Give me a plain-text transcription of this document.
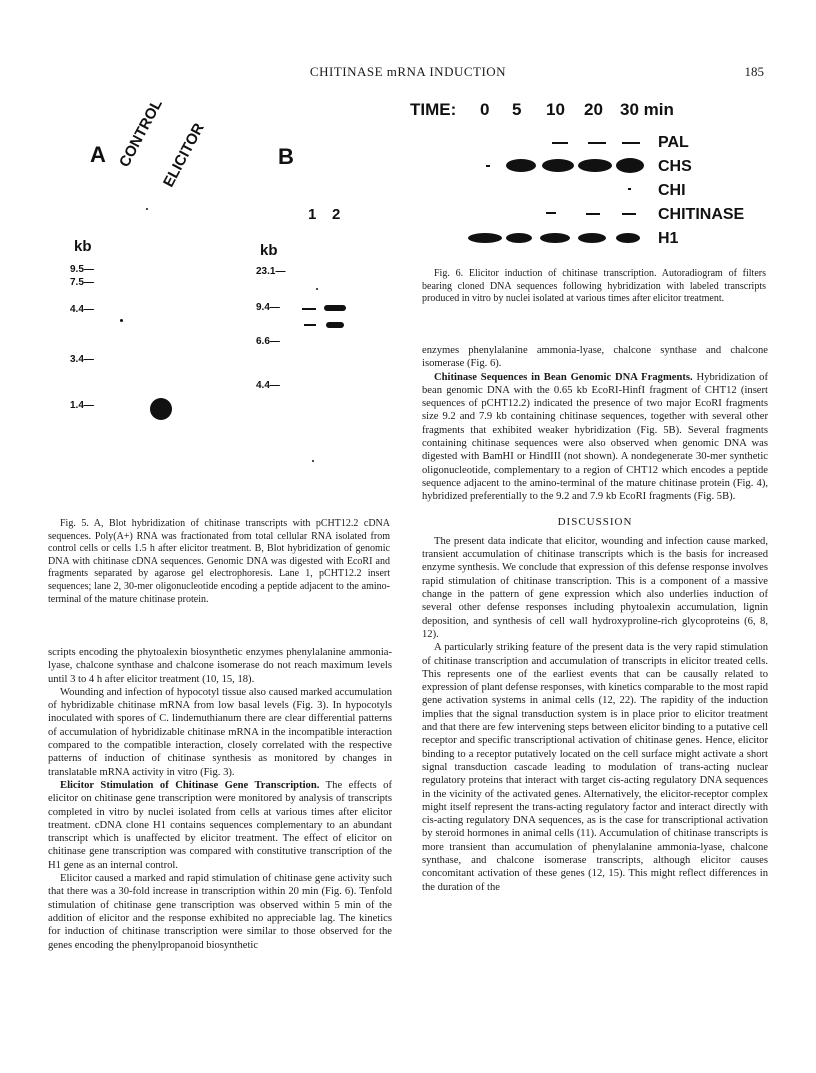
CHITINASE mRNA INDUCTION	185
A CONTROL
ELICITOR
kb
9.5—
7.5—
4.4—
3.4—
1.4—
B
1 2
kb
23.1—
9.4—
6.6—
4.4—

Fig. 5. A, Blot hybridization of chitinase transcripts with pCHT12.2 cDNA sequences. Poly(A+) RNA was fractionated from total cellular RNA isolated from control cells or cells 1.5 h after elicitor treatment. B, Blot hybridization of genomic DNA with chitinase cDNA sequences. Genomic DNA was digested with EcoRI and fragments separated by agarose gel electrophoresis. Lane 1, pCHT12.2 insert sequences; lane 2, 30-mer oligonucleotide encoding a peptide adjacent to the amino-terminal of the mature chitinase protein.

TIME: 0 5 10 20 30 min
PAL
CHS
CHI
CHITINASE
H1

Fig. 6. Elicitor induction of chitinase transcription. Autoradiogram of filters bearing cloned DNA sequences following hybridization with labeled transcripts produced in vitro by nuclei isolated at various times after elicitor treatment.

scripts encoding the phytoalexin biosynthetic enzymes phenylalanine ammonia-lyase, chalcone synthase and chalcone isomerase do not reach maximum levels until 3 to 4 h after elicitor treatment (10, 15, 18).

Wounding and infection of hypocotyl tissue also caused marked accumulation of hybridizable chitinase mRNA from low basal levels (Fig. 3). In hypocotyls inoculated with spores of C. lindemuthianum there are clear differential patterns of accumulation of hybridizable chitinase mRNA in the incompatible interaction compared to the compatible interaction, closely correlated with the respective patterns of induction of chitinase synthesis as monitored by changes in translatable mRNA activity in vitro (Fig. 3).

Elicitor Stimulation of Chitinase Gene Transcription. The effects of elicitor on chitinase gene transcription were monitored by analysis of transcripts completed in vitro by nuclei isolated from cells at various times after elicitor treatment. cDNA clone H1 contains sequences complementary to an abundant transcript which is unaffected by elicitor treatment. The effect of elicitor on chitinase gene transcription was compared with constitutive transcription of the H1 gene as an internal control.

Elicitor caused a marked and rapid stimulation of chitinase gene activity such that there was a 30-fold increase in transcription within 20 min (Fig. 6). Tenfold stimulation of chitinase gene transcription was observed within 5 min of the addition of elicitor and the response exhibited no appreciable lag. The kinetics for induction of chitinase transcription were similar to those observed for the genes encoding the phenylpropanoid biosynthetic

enzymes phenylalanine ammonia-lyase, chalcone synthase and chalcone isomerase (Fig. 6).

Chitinase Sequences in Bean Genomic DNA Fragments. Hybridization of bean genomic DNA with the 0.65 kb EcoRI-HinfI fragment of CHT12 (insert sequences of pCHT12.2) indicated the presence of two major EcoRI fragments size 9.2 and 7.9 kb containing chitinase sequences, together with several other fragments that exhibited weaker hybridization (Fig. 5B). Several fragments containing chitinase sequences were also observed when genomic DNA was digested with BamHI or HindIII (not shown). A nondegenerate 30-mer synthetic oligonucleotide, complementary to a region of CHT12 which encodes a peptide sequence adjacent to the amino-terminal of the mature chitinase protein (Fig. 4), hybridized preferentially to the 9.2 and 7.9 kb EcoRI fragments (Fig. 5B).

DISCUSSION

The present data indicate that elicitor, wounding and infection cause marked, transient accumulation of chitinase transcripts which is the basis for increased enzyme synthesis. We conclude that expression of this defense response involves rapid stimulation of chitinase transcription. This is a component of a massive change in the pattern of gene expression which also underlies induction of several other defense responses including phytoalexin accumulation, lignin deposition, and synthesis of cell wall hydroxyproline-rich glycoproteins (6, 8, 12).

A particularly striking feature of the present data is the very rapid stimulation of chitinase transcription and accumulation of transcripts in elicitor treated cells. This represents one of the earliest events that can be causally related to expression of plant defense responses, with kinetics comparable to the most rapid gene activation systems in animal cells (12, 22). The rapidity of the induction implies that the signal transduction system is in place prior to elicitor treatment and that there are few intervening steps between elicitor binding to a putative cell receptor and specific transcriptional activation of chitinase genes. Hence, elicitor binding to a receptor putatively located on the cell surface might activate a short signal transduction cascade leading to modulation of trans-acting nuclear regulatory proteins that interact with target cis-acting regulatory DNA sequences in the vicinity of the activated genes. Alternatively, the elicitor-receptor complex might itself represent the trans-acting regulatory factor and interact directly with cis-acting regulatory DNA sequences, as is the case for transcriptional activation by steroid hormones in animal cells (11). Accumulation of chitinase transcripts is more transient than accumulation of phenylalanine ammonia-lyase, chalcone synthase, and chalcone isomerase transcripts, although elicitor causes concomitant activation of these genes (12, 15). This might reflect differences in the duration of the
